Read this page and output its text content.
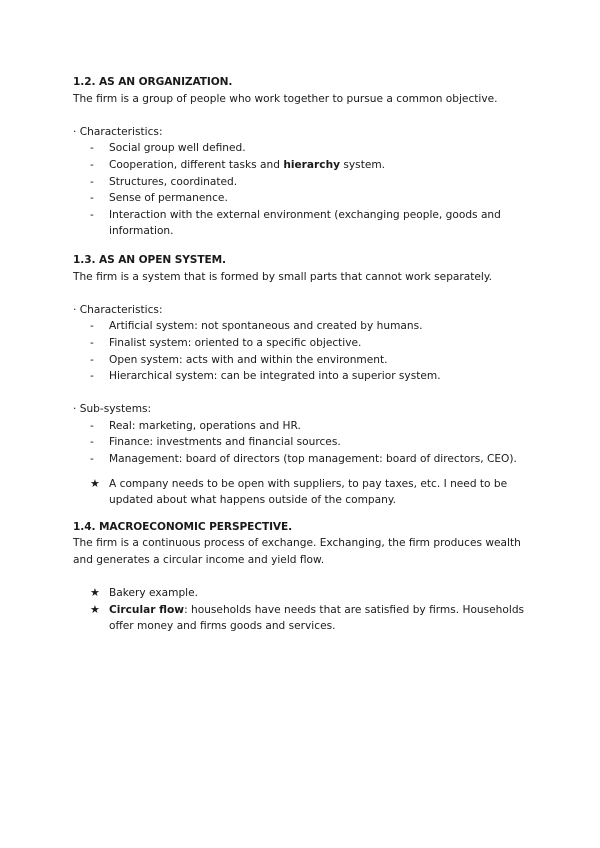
1.2. AS AN ORGANIZATION.

The firm is a group of people who work together to pursue a common objective.

· Characteristics:

- Social group well defined.
- Cooperation, different tasks and hierarchy system.
- Structures, coordinated.
- Sense of permanence.
- Interaction with the external environment (exchanging people, goods and information.

1.3. AS AN OPEN SYSTEM.

The firm is a system that is formed by small parts that cannot work separately.

· Characteristics:

- Artificial system: not spontaneous and created by humans.
- Finalist system: oriented to a specific objective.
- Open system: acts with and within the environment.
- Hierarchical system: can be integrated into a superior system.

· Sub-systems:

- Real: marketing, operations and HR.
- Finance: investments and financial sources.
- Management: board of directors (top management: board of directors, CEO).
★ A company needs to be open with suppliers, to pay taxes, etc. I need to be updated about what happens outside of the company.

1.4. MACROECONOMIC PERSPECTIVE.

The firm is a continuous process of exchange. Exchanging, the firm produces wealth and generates a circular income and yield flow.

★ Bakery example.
★ Circular flow: households have needs that are satisfied by firms. Households offer money and firms goods and services.
